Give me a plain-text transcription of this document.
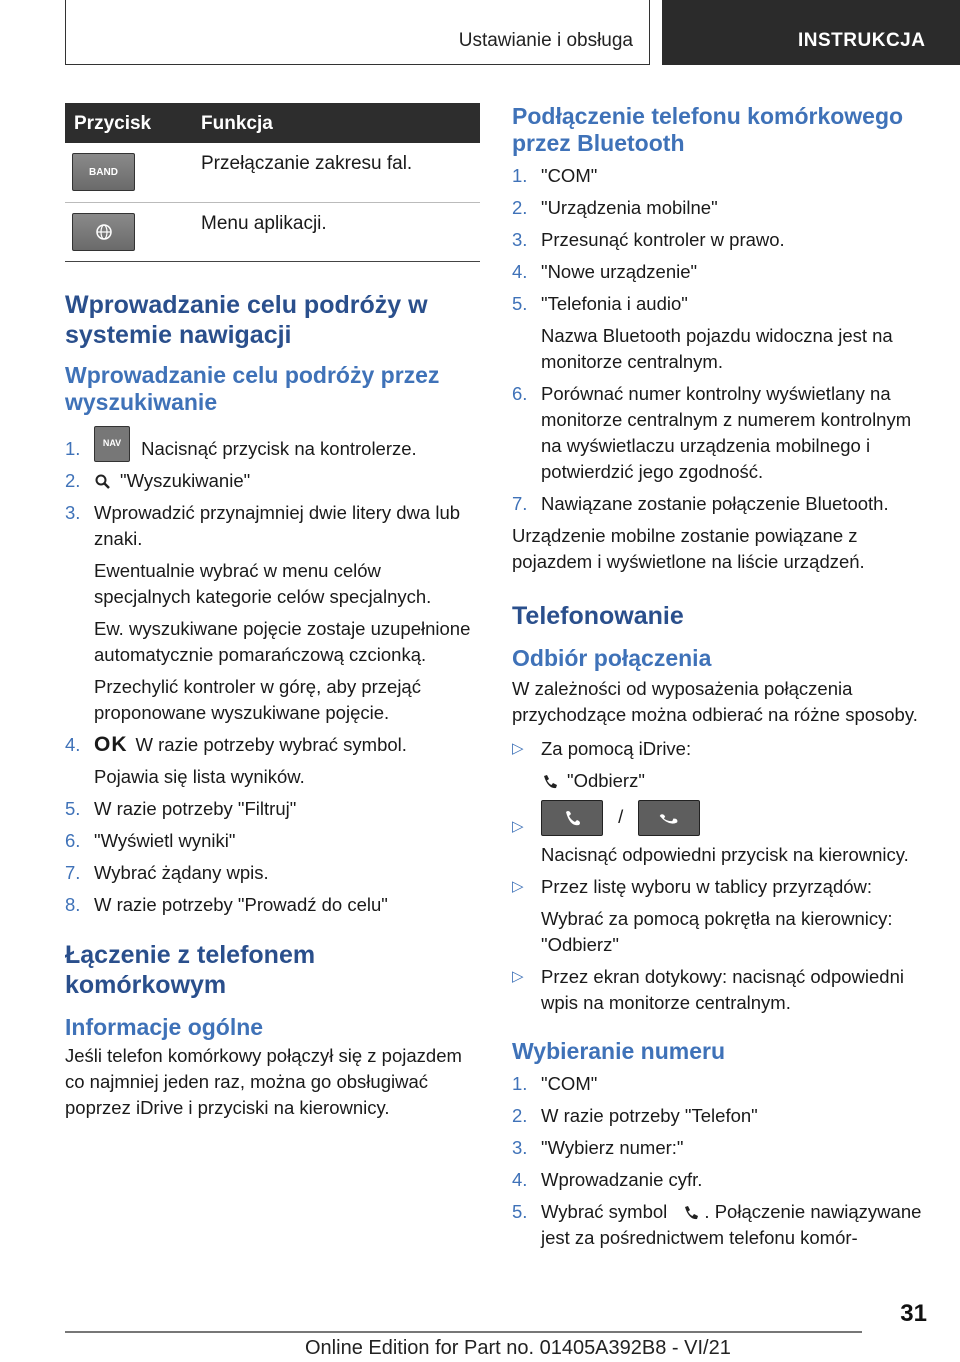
Ustawianie i obsługa	INSTRUKCJA
Przycisk	Funkcja
BAND	Przełączanie zakresu fal.
Menu aplikacji.
Wprowadzanie celu podróży w systemie nawigacji
Wprowadzanie celu podróży przez wyszukiwanie
1. NAV Nacisnąć przycisk na kontrolerze.
2. "Wyszukiwanie"
3. Wprowadzić przynajmniej dwie litery dwa lub znaki.
Ewentualnie wybrać w menu celów specjalnych kategorie celów specjalnych.
Ew. wyszukiwane pojęcie zostaje uzupełnione automatycznie pomarańczową czcionką.
Przechylić kontroler w górę, aby przejąć proponowane wyszukiwane pojęcie.
4. OK W razie potrzeby wybrać symbol.
Pojawia się lista wyników.
5. W razie potrzeby "Filtruj"
6. "Wyświetl wyniki"
7. Wybrać żądany wpis.
8. W razie potrzeby "Prowadź do celu"
Łączenie z telefonem komórkowym
Informacje ogólne

Jeśli telefon komórkowy połączył się z pojazdem co najmniej jeden raz, można go obsługiwać poprzez iDrive i przyciski na kierownicy.

Podłączenie telefonu komórkowego przez Bluetooth
1. "COM"
2. "Urządzenia mobilne"
3. Przesunąć kontroler w prawo.
4. "Nowe urządzenie"
5. "Telefonia i audio"
Nazwa Bluetooth pojazdu widoczna jest na monitorze centralnym.
6. Porównać numer kontrolny wyświetlany na monitorze centralnym z numerem kontrolnym na wyświetlaczu urządzenia mobilnego i potwierdzić jego zgodność.
7. Nawiązane zostanie połączenie Bluetooth.

Urządzenie mobilne zostanie powiązane z pojazdem i wyświetlone na liście urządzeń.

Telefonowanie
Odbiór połączenia

W zależności od wyposażenia połączenia przychodzące można odbierać na różne sposoby.

▷ Za pomocą iDrive:
"Odbierz"
▷	/
Nacisnąć odpowiedni przycisk na kierownicy.
▷ Przez listę wyboru w tablicy przyrządów:
Wybrać za pomocą pokrętła na kierownicy: "Odbierz"
▷ Przez ekran dotykowy: nacisnąć odpowiedni wpis na monitorze centralnym.
Wybieranie numeru
1. "COM"
2. W razie potrzeby "Telefon"
3. "Wybierz numer:"
4. Wprowadzanie cyfr.
5. Wybrać symbol . Połączenie nawiązywane jest za pośrednictwem telefonu komór-
31
Online Edition for Part no. 01405A392B8 - VI/21
